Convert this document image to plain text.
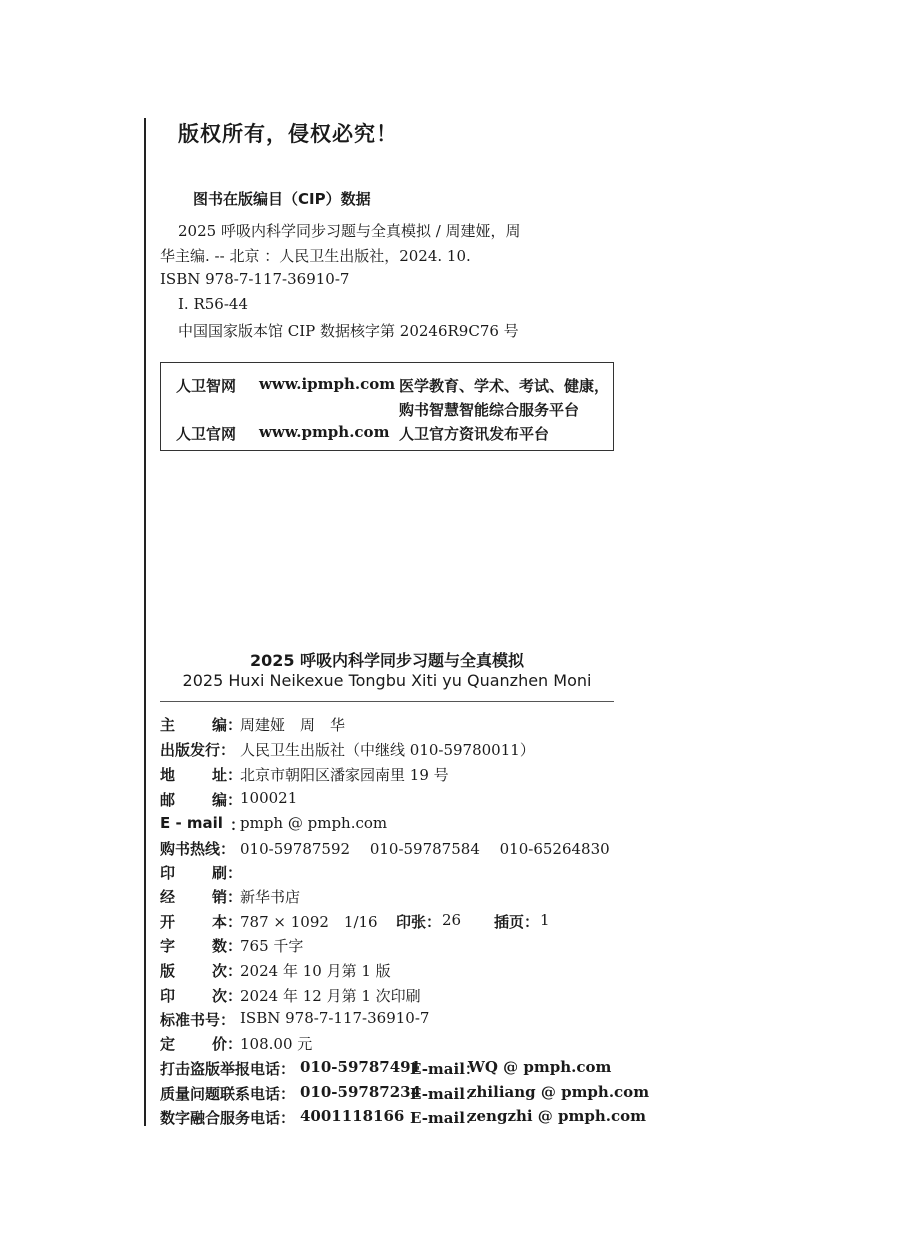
版权所有，侵权必究！
图书在版编目（CIP）数据
2025 呼吸内科学同步习题与全真模拟 / 周建娅，周
华主编. -- 北京 ：人民卫生出版社，2024. 10.
ISBN 978-7-117-36910-7
Ⅰ. R56-44
中国国家版本馆 CIP 数据核字第 20246R9C76 号
人卫智网 www.ipmph.com 医学教育、学术、考试、健康，
购书智慧智能综合服务平台
人卫官网 www.pmph.com 人卫官方资讯发布平台
2025 呼吸内科学同步习题与全真模拟
2025 Huxi Neikexue Tongbu Xiti yu Quanzhen Moni
主 编：
周建娅　周　华
出版发行： 人民卫生出版社（中继线 010-59780011）
地 址：
北京市朝阳区潘家园南里 19 号
邮 编：
100021
E - mail ：
pmph @ pmph.com
购书热线： 010-59787592　 010-59787584　 010-65264830
印 刷：
经 销：
新华书店
开 本：
787 × 1092　1/16 印张： 26 插页： 1
字 数：
765 千字
版 次：
2024 年 10 月第 1 版
印 次：
2024 年 12 月第 1 次印刷
标准书号： ISBN 978-7-117-36910-7
定 价：
108.00 元
打击盗版举报电话： 010-59787491
E-mail：
WQ @ pmph.com
质量问题联系电话： 010-59787234
E-mail：
zhiliang @ pmph.com
数字融合服务电话： 4001118166 E-mail：
zengzhi @ pmph.com
